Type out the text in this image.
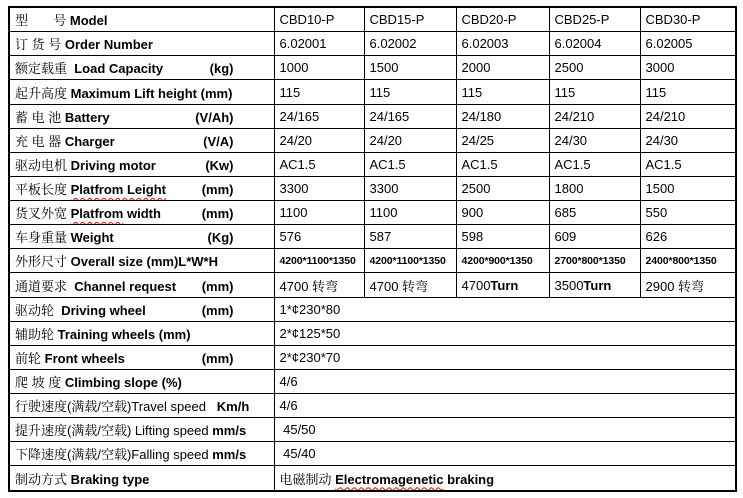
型       号 Model	CBD10-P	CBD15-P	CBD20-P	CBD25-P	CBD30-P

订 货 号 Order Number	6.02001	6.02002	6.02003	6.02004	6.02005

额定载重  Load Capacity (kg)	1000	1500	2000	2500	3000

起升高度 Maximum Lift height (mm)	115	115	115	115	115

蓄 电 池 Battery (V/Ah)	24/165	24/165	24/180	24/210	24/210

充 电 器 Charger (V/A)	24/20	24/20	24/25	24/30	24/30

驱动电机 Driving motor (Kw)	AC1.5	AC1.5	AC1.5	AC1.5	AC1.5

平板长度 Platfrom Leight (mm)	3300	3300	2500	1800	1500

货叉外宽 Platfrom width (mm)	1100	1100	900	685	550

车身重量 Weight (Kg)	576	587	598	609	626

外形尺寸 Overall size (mm)L*W*H	4200*1100*1350	4200*1100*1350	4200*900*1350	2700*800*1350	2400*800*1350

通道要求  Channel request (mm)	4700 转弯	4700 转弯	4700Turn	3500Turn	2900 转弯

驱动轮  Driving wheel (mm)	1*¢230*80				

辅助轮 Training wheels (mm)	2*¢125*50				

前轮 Front wheels (mm)	2*¢230*70				

爬 坡 度 Climbing slope (%)	4/6				

行驶速度(满载/空载)Travel speed   Km/h	4/6				

提升速度(满载/空载) Lifting speed mm/s	45/50				

下降速度(满载/空载)Falling speed mm/s	45/40				

制动方式 Braking type	电磁制动 Electromagenetic braking				
